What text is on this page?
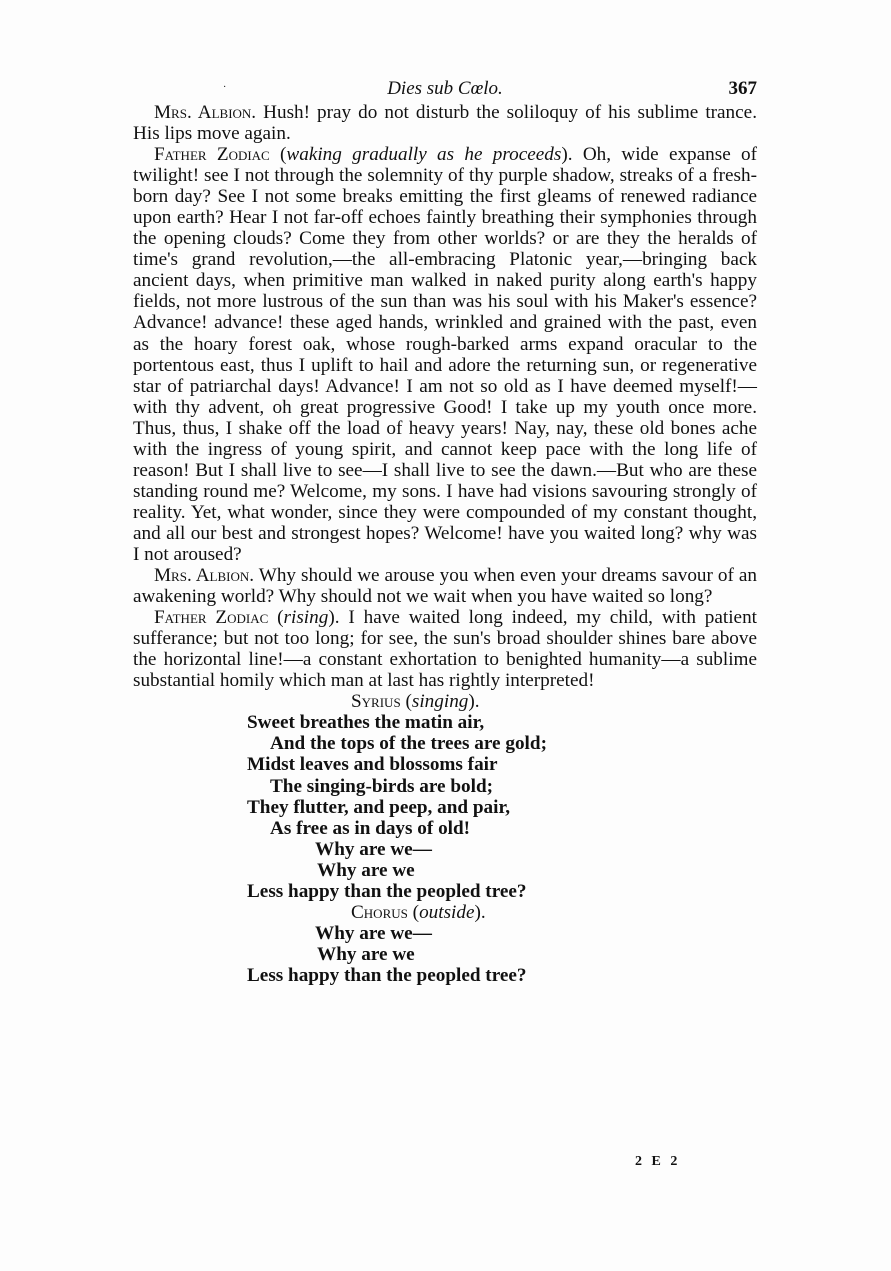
·	Dies sub Cœlo.	367

Mrs. Albion. Hush! pray do not disturb the soliloquy of his sublime trance. His lips move again.

Father Zodiac (waking gradually as he proceeds). Oh, wide expanse of twilight! see I not through the solemnity of thy purple shadow, streaks of a fresh-born day? See I not some breaks emitting the first gleams of renewed radiance upon earth? Hear I not far-off echoes faintly breathing their symphonies through the opening clouds? Come they from other worlds? or are they the heralds of time's grand revolution,—the all-embracing Platonic year,—bringing back ancient days, when primitive man walked in naked purity along earth's happy fields, not more lustrous of the sun than was his soul with his Maker's essence? Advance! advance! these aged hands, wrinkled and grained with the past, even as the hoary forest oak, whose rough-barked arms expand oracular to the portentous east, thus I uplift to hail and adore the returning sun, or regenerative star of patriarchal days! Advance! I am not so old as I have deemed myself!—with thy advent, oh great progressive Good! I take up my youth once more. Thus, thus, I shake off the load of heavy years! Nay, nay, these old bones ache with the ingress of young spirit, and cannot keep pace with the long life of reason! But I shall live to see—I shall live to see the dawn.—But who are these standing round me? Welcome, my sons. I have had visions savouring strongly of reality. Yet, what wonder, since they were compounded of my constant thought, and all our best and strongest hopes? Welcome! have you waited long? why was I not aroused?

Mrs. Albion. Why should we arouse you when even your dreams savour of an awakening world? Why should not we wait when you have waited so long?

Father Zodiac (rising). I have waited long indeed, my child, with patient sufferance; but not too long; for see, the sun's broad shoulder shines bare above the horizontal line!—a constant exhortation to benighted humanity—a sublime substantial homily which man at last has rightly interpreted!

Syrius (singing).
Sweet breathes the matin air,
And the tops of the trees are gold;
Midst leaves and blossoms fair
The singing-birds are bold;
They flutter, and peep, and pair,
As free as in days of old!
Why are we—
Why are we
Less happy than the peopled tree?
Chorus (outside).
Why are we—
Why are we
Less happy than the peopled tree?
2 E 2
